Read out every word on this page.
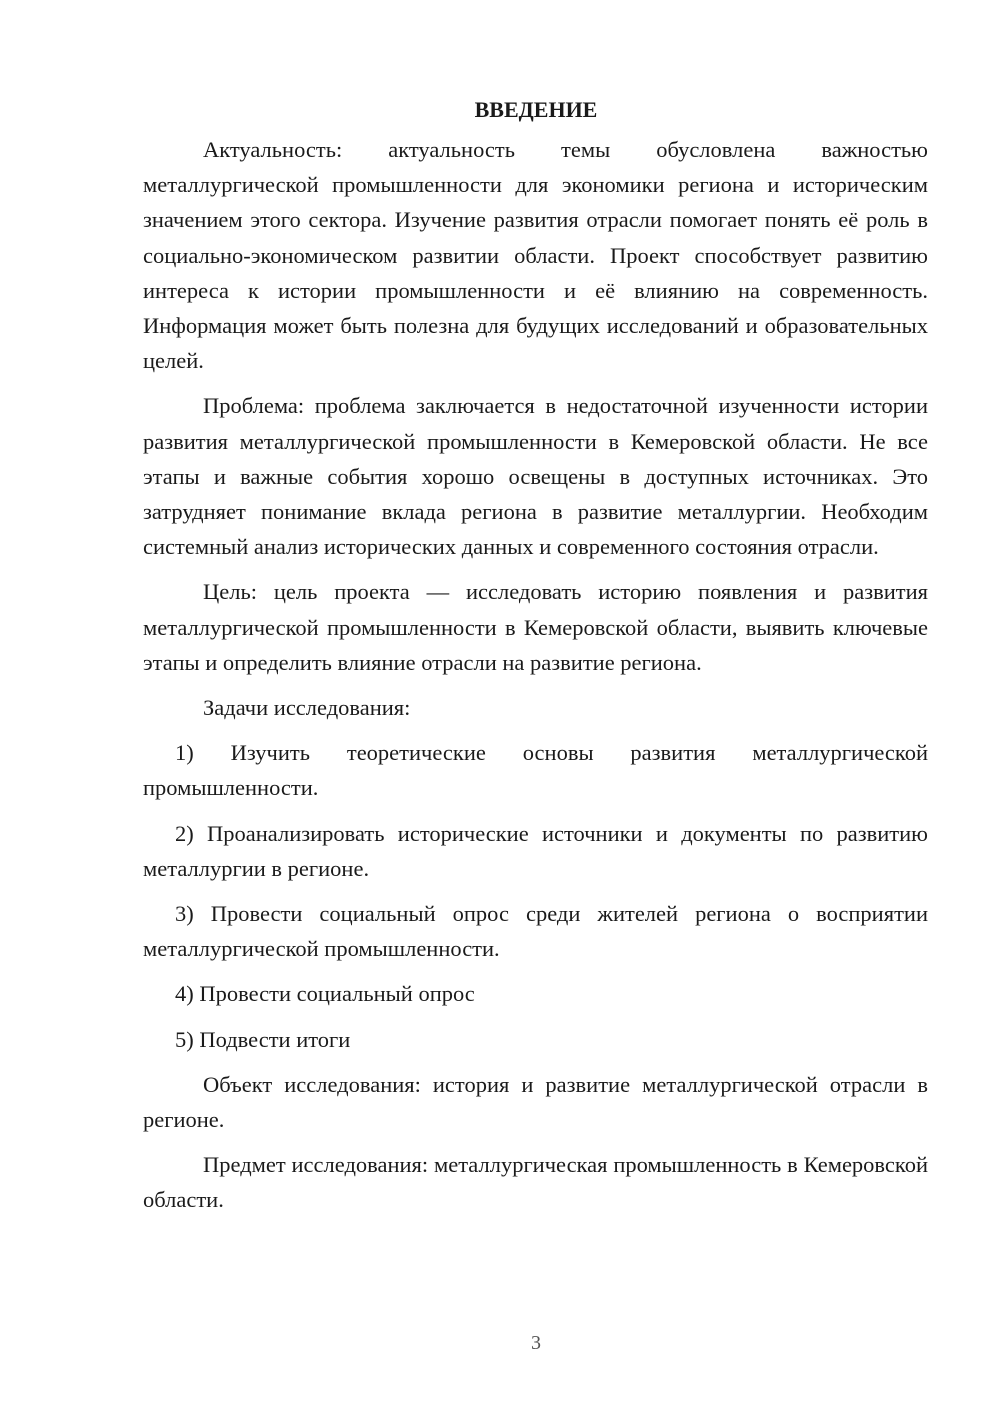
ВВЕДЕНИЕ

Актуальность: актуальность темы обусловлена важностью металлургической промышленности для экономики региона и историческим значением этого сектора. Изучение развития отрасли помогает понять её роль в социально-экономическом развитии области. Проект способствует развитию интереса к истории промышленности и её влиянию на современность. Информация может быть полезна для будущих исследований и образовательных целей.

Проблема: проблема заключается в недостаточной изученности истории развития металлургической промышленности в Кемеровской области. Не все этапы и важные события хорошо освещены в доступных источниках. Это затрудняет понимание вклада региона в развитие металлургии. Необходим системный анализ исторических данных и современного состояния отрасли.

Цель: цель проекта — исследовать историю появления и развития металлургической промышленности в Кемеровской области, выявить ключевые этапы и определить влияние отрасли на развитие региона.

Задачи исследования:

1) Изучить теоретические основы развития металлургической промышленности.

2) Проанализировать исторические источники и документы по развитию металлургии в регионе.

3) Провести социальный опрос среди жителей региона о восприятии металлургической промышленности.

4) Провести социальный опрос

5) Подвести итоги

Объект исследования: история и развитие металлургической отрасли в регионе.

Предмет исследования: металлургическая промышленность в Кемеровской области.

3
